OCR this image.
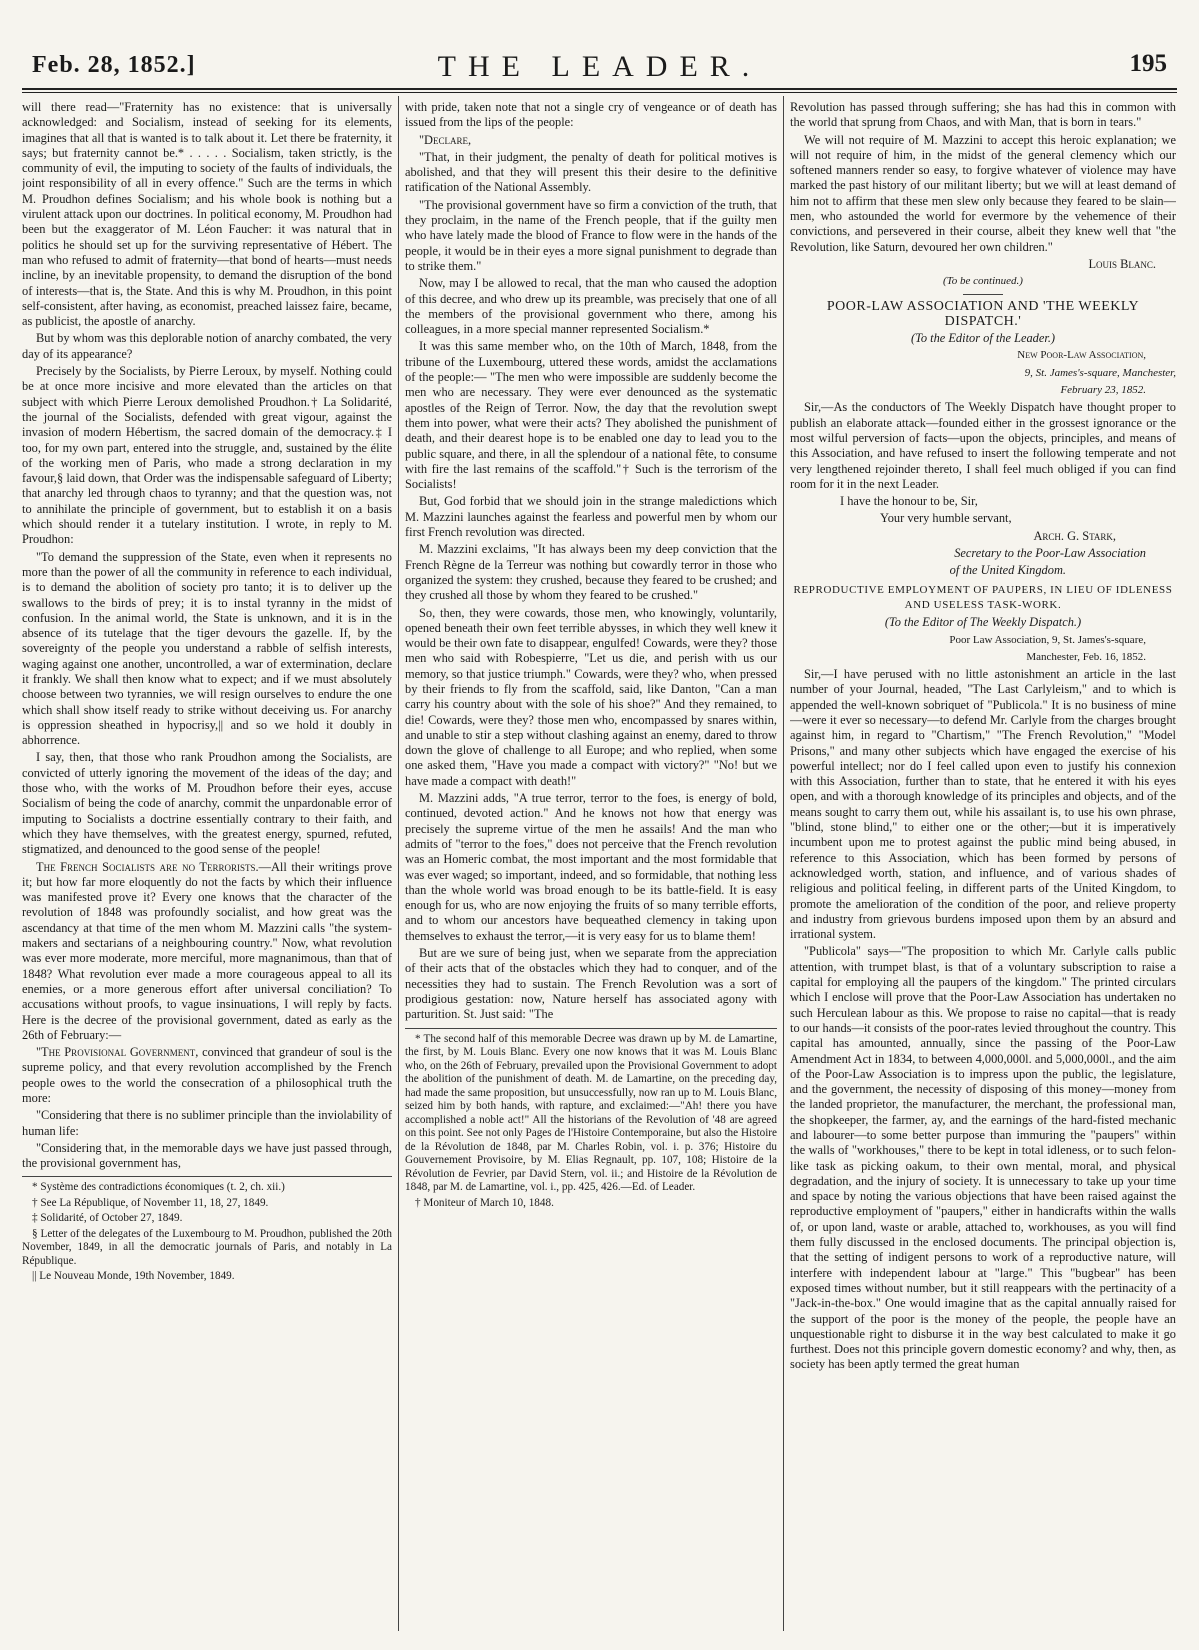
Feb. 28, 1852.]	THE LEADER.	195

will there read—"Fraternity has no existence: that is universally acknowledged: and Socialism, instead of seeking for its elements, imagines that all that is wanted is to talk about it. Let there be fraternity, it says; but fraternity cannot be.* . . . . . Socialism, taken strictly, is the community of evil, the imputing to society of the faults of individuals, the joint responsibility of all in every offence." Such are the terms in which M. Proudhon defines Socialism; and his whole book is nothing but a virulent attack upon our doctrines. In political economy, M. Proudhon had been but the exaggerator of M. Léon Faucher: it was natural that in politics he should set up for the surviving representative of Hébert. The man who refused to admit of fraternity—that bond of hearts—must needs incline, by an inevitable propensity, to demand the disruption of the bond of interests—that is, the State. And this is why M. Proudhon, in this point self-consistent, after having, as economist, preached laissez faire, became, as publicist, the apostle of anarchy.

But by whom was this deplorable notion of anarchy combated, the very day of its appearance?

Precisely by the Socialists, by Pierre Leroux, by myself. Nothing could be at once more incisive and more elevated than the articles on that subject with which Pierre Leroux demolished Proudhon.† La Solidarité, the journal of the Socialists, defended with great vigour, against the invasion of modern Hébertism, the sacred domain of the democracy.‡ I too, for my own part, entered into the struggle, and, sustained by the élite of the working men of Paris, who made a strong declaration in my favour,§ laid down, that Order was the indispensable safeguard of Liberty; that anarchy led through chaos to tyranny; and that the question was, not to annihilate the principle of government, but to establish it on a basis which should render it a tutelary institution. I wrote, in reply to M. Proudhon:

"To demand the suppression of the State, even when it represents no more than the power of all the community in reference to each individual, is to demand the abolition of society pro tanto; it is to deliver up the swallows to the birds of prey; it is to instal tyranny in the midst of confusion. In the animal world, the State is unknown, and it is in the absence of its tutelage that the tiger devours the gazelle. If, by the sovereignty of the people you understand a rabble of selfish interests, waging against one another, uncontrolled, a war of extermination, declare it frankly. We shall then know what to expect; and if we must absolutely choose between two tyrannies, we will resign ourselves to endure the one which shall show itself ready to strike without deceiving us. For anarchy is oppression sheathed in hypocrisy,|| and so we hold it doubly in abhorrence.

I say, then, that those who rank Proudhon among the Socialists, are convicted of utterly ignoring the movement of the ideas of the day; and those who, with the works of M. Proudhon before their eyes, accuse Socialism of being the code of anarchy, commit the unpardonable error of imputing to Socialists a doctrine essentially contrary to their faith, and which they have themselves, with the greatest energy, spurned, refuted, stigmatized, and denounced to the good sense of the people!

The French Socialists are no Terrorists.—All their writings prove it; but how far more eloquently do not the facts by which their influence was manifested prove it? Every one knows that the character of the revolution of 1848 was profoundly socialist, and how great was the ascendancy at that time of the men whom M. Mazzini calls "the system-makers and sectarians of a neighbouring country." Now, what revolution was ever more moderate, more merciful, more magnanimous, than that of 1848? What revolution ever made a more courageous appeal to all its enemies, or a more generous effort after universal conciliation? To accusations without proofs, to vague insinuations, I will reply by facts. Here is the decree of the provisional government, dated as early as the 26th of February:—

"The Provisional Government, convinced that grandeur of soul is the supreme policy, and that every revolution accomplished by the French people owes to the world the consecration of a philosophical truth the more:

"Considering that there is no sublimer principle than the inviolability of human life:

"Considering that, in the memorable days we have just passed through, the provisional government has,

* Système des contradictions économiques (t. 2, ch. xii.)

† See La République, of November 11, 18, 27, 1849.

‡ Solidarité, of October 27, 1849.

§ Letter of the delegates of the Luxembourg to M. Proudhon, published the 20th November, 1849, in all the democratic journals of Paris, and notably in La République.

|| Le Nouveau Monde, 19th November, 1849.

with pride, taken note that not a single cry of vengeance or of death has issued from the lips of the people:

"Declare,

"That, in their judgment, the penalty of death for political motives is abolished, and that they will present this their desire to the definitive ratification of the National Assembly.

"The provisional government have so firm a conviction of the truth, that they proclaim, in the name of the French people, that if the guilty men who have lately made the blood of France to flow were in the hands of the people, it would be in their eyes a more signal punishment to degrade than to strike them."

Now, may I be allowed to recal, that the man who caused the adoption of this decree, and who drew up its preamble, was precisely that one of all the members of the provisional government who there, among his colleagues, in a more special manner represented Socialism.*

It was this same member who, on the 10th of March, 1848, from the tribune of the Luxembourg, uttered these words, amidst the acclamations of the people:— "The men who were impossible are suddenly become the men who are necessary. They were ever denounced as the systematic apostles of the Reign of Terror. Now, the day that the revolution swept them into power, what were their acts? They abolished the punishment of death, and their dearest hope is to be enabled one day to lead you to the public square, and there, in all the splendour of a national fête, to consume with fire the last remains of the scaffold."† Such is the terrorism of the Socialists!

But, God forbid that we should join in the strange maledictions which M. Mazzini launches against the fearless and powerful men by whom our first French revolution was directed.

M. Mazzini exclaims, "It has always been my deep conviction that the French Règne de la Terreur was nothing but cowardly terror in those who organized the system: they crushed, because they feared to be crushed; and they crushed all those by whom they feared to be crushed."

So, then, they were cowards, those men, who knowingly, voluntarily, opened beneath their own feet terrible abysses, in which they well knew it would be their own fate to disappear, engulfed! Cowards, were they? those men who said with Robespierre, "Let us die, and perish with us our memory, so that justice triumph." Cowards, were they? who, when pressed by their friends to fly from the scaffold, said, like Danton, "Can a man carry his country about with the sole of his shoe?" And they remained, to die! Cowards, were they? those men who, encompassed by snares within, and unable to stir a step without clashing against an enemy, dared to throw down the glove of challenge to all Europe; and who replied, when some one asked them, "Have you made a compact with victory?" "No! but we have made a compact with death!"

M. Mazzini adds, "A true terror, terror to the foes, is energy of bold, continued, devoted action." And he knows not how that energy was precisely the supreme virtue of the men he assails! And the man who admits of "terror to the foes," does not perceive that the French revolution was an Homeric combat, the most important and the most formidable that was ever waged; so important, indeed, and so formidable, that nothing less than the whole world was broad enough to be its battle-field. It is easy enough for us, who are now enjoying the fruits of so many terrible efforts, and to whom our ancestors have bequeathed clemency in taking upon themselves to exhaust the terror,—it is very easy for us to blame them!

But are we sure of being just, when we separate from the appreciation of their acts that of the obstacles which they had to conquer, and of the necessities they had to sustain. The French Revolution was a sort of prodigious gestation: now, Nature herself has associated agony with parturition. St. Just said: "The

* The second half of this memorable Decree was drawn up by M. de Lamartine, the first, by M. Louis Blanc. Every one now knows that it was M. Louis Blanc who, on the 26th of February, prevailed upon the Provisional Government to adopt the abolition of the punishment of death. M. de Lamartine, on the preceding day, had made the same proposition, but unsuccessfully, now ran up to M. Louis Blanc, seized him by both hands, with rapture, and exclaimed:—"Ah! there you have accomplished a noble act!" All the historians of the Revolution of '48 are agreed on this point. See not only Pages de l'Histoire Contemporaine, but also the Histoire de la Révolution de 1848, par M. Charles Robin, vol. i. p. 376; Histoire du Gouvernement Provisoire, by M. Elias Regnault, pp. 107, 108; Histoire de la Révolution de Fevrier, par David Stern, vol. ii.; and Histoire de la Révolution de 1848, par M. de Lamartine, vol. i., pp. 425, 426.—Ed. of Leader.

† Moniteur of March 10, 1848.

Revolution has passed through suffering; she has had this in common with the world that sprung from Chaos, and with Man, that is born in tears."

We will not require of M. Mazzini to accept this heroic explanation; we will not require of him, in the midst of the general clemency which our softened manners render so easy, to forgive whatever of violence may have marked the past history of our militant liberty; but we will at least demand of him not to affirm that these men slew only because they feared to be slain—men, who astounded the world for evermore by the vehemence of their convictions, and persevered in their course, albeit they knew well that "the Revolution, like Saturn, devoured her own children."

Louis Blanc.

(To be continued.)

POOR-LAW ASSOCIATION AND 'THE WEEKLY DISPATCH.'

(To the Editor of the Leader.)

New Poor-Law Association,

9, St. James's-square, Manchester,

February 23, 1852.

Sir,—As the conductors of The Weekly Dispatch have thought proper to publish an elaborate attack—founded either in the grossest ignorance or the most wilful perversion of facts—upon the objects, principles, and means of this Association, and have refused to insert the following temperate and not very lengthened rejoinder thereto, I shall feel much obliged if you can find room for it in the next Leader.

I have the honour to be, Sir,

Your very humble servant,

Arch. G. Stark,

Secretary to the Poor-Law Association

of the United Kingdom.

REPRODUCTIVE EMPLOYMENT OF PAUPERS, IN LIEU OF IDLENESS AND USELESS TASK-WORK.

(To the Editor of The Weekly Dispatch.)

Poor Law Association, 9, St. James's-square,

Manchester, Feb. 16, 1852.

Sir,—I have perused with no little astonishment an article in the last number of your Journal, headed, "The Last Carlyleism," and to which is appended the well-known sobriquet of "Publicola." It is no business of mine—were it ever so necessary—to defend Mr. Carlyle from the charges brought against him, in regard to "Chartism," "The French Revolution," "Model Prisons," and many other subjects which have engaged the exercise of his powerful intellect; nor do I feel called upon even to justify his connexion with this Association, further than to state, that he entered it with his eyes open, and with a thorough knowledge of its principles and objects, and of the means sought to carry them out, while his assailant is, to use his own phrase, "blind, stone blind," to either one or the other;—but it is imperatively incumbent upon me to protest against the public mind being abused, in reference to this Association, which has been formed by persons of acknowledged worth, station, and influence, and of various shades of religious and political feeling, in different parts of the United Kingdom, to promote the amelioration of the condition of the poor, and relieve property and industry from grievous burdens imposed upon them by an absurd and irrational system.

"Publicola" says—"The proposition to which Mr. Carlyle calls public attention, with trumpet blast, is that of a voluntary subscription to raise a capital for employing all the paupers of the kingdom." The printed circulars which I enclose will prove that the Poor-Law Association has undertaken no such Herculean labour as this. We propose to raise no capital—that is ready to our hands—it consists of the poor-rates levied throughout the country. This capital has amounted, annually, since the passing of the Poor-Law Amendment Act in 1834, to between 4,000,000l. and 5,000,000l., and the aim of the Poor-Law Association is to impress upon the public, the legislature, and the government, the necessity of disposing of this money—money from the landed proprietor, the manufacturer, the merchant, the professional man, the shopkeeper, the farmer, ay, and the earnings of the hard-fisted mechanic and labourer—to some better purpose than immuring the "paupers" within the walls of "workhouses," there to be kept in total idleness, or to such felon-like task as picking oakum, to their own mental, moral, and physical degradation, and the injury of society. It is unnecessary to take up your time and space by noting the various objections that have been raised against the reproductive employment of "paupers," either in handicrafts within the walls of, or upon land, waste or arable, attached to, workhouses, as you will find them fully discussed in the enclosed documents. The principal objection is, that the setting of indigent persons to work of a reproductive nature, will interfere with independent labour at "large." This "bugbear" has been exposed times without number, but it still reappears with the pertinacity of a "Jack-in-the-box." One would imagine that as the capital annually raised for the support of the poor is the money of the people, the people have an unquestionable right to disburse it in the way best calculated to make it go furthest. Does not this principle govern domestic economy? and why, then, as society has been aptly termed the great human
